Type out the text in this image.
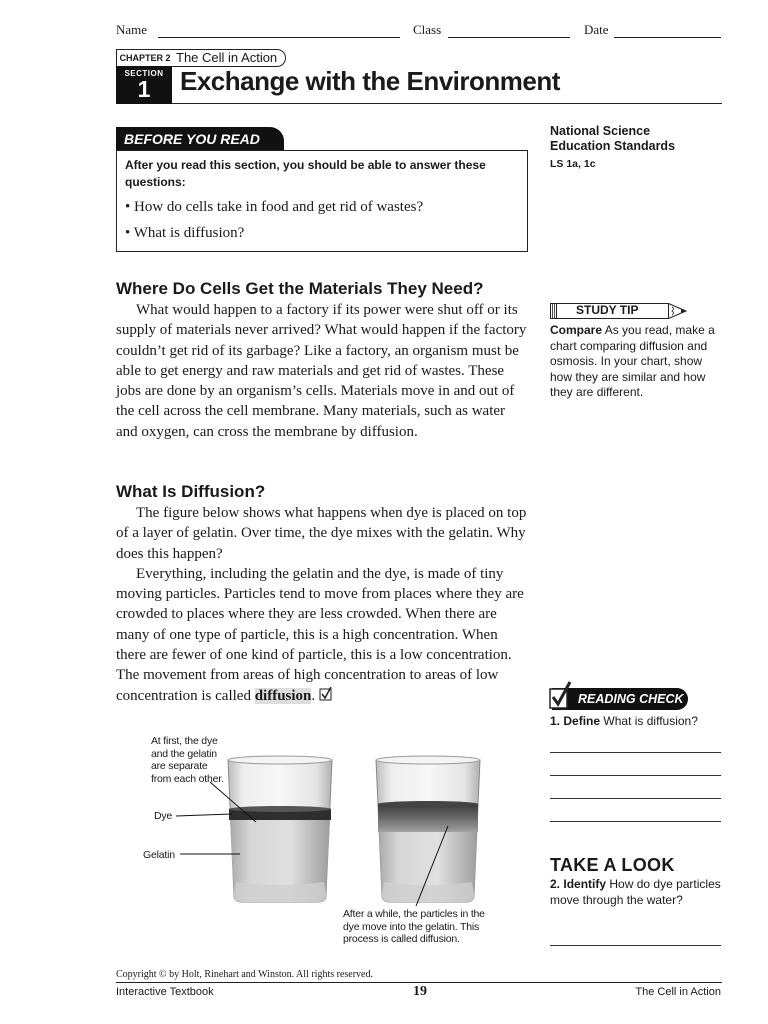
Name	Class	Date
CHAPTER 2 The Cell in Action
SECTION
1	Exchange with the Environment
BEFORE YOU READ
After you read this section, you should be able to answer these questions:
• How do cells take in food and get rid of wastes?
• What is diffusion?
National Science
Education Standards
LS 1a, 1c
Where Do Cells Get the Materials They Need?

What would happen to a factory if its power were shut off or its supply of materials never arrived? What would happen if the factory couldn’t get rid of its garbage? Like a factory, an organism must be able to get energy and raw materials and get rid of wastes. These jobs are done by an organism’s cells. Materials move in and out of the cell across the cell membrane. Many materials, such as water and oxygen, can cross the membrane by diffusion.

STUDY TIP
Compare As you read, make a chart comparing diffusion and osmosis. In your chart, show how they are similar and how they are different.
What Is Diffusion?

The figure below shows what happens when dye is placed on top of a layer of gelatin. Over time, the dye mixes with the gelatin. Why does this happen?

Everything, including the gelatin and the dye, is made of tiny moving particles. Particles tend to move from places where they are crowded to places where they are less crowded. When there are many of one type of particle, this is a high concentration. When there are fewer of one kind of particle, this is a low concentration. The movement from areas of high concentration to areas of low concentration is called diffusion.	READING CHECK
1. Define What is diffusion?
TAKE A LOOK
2. Identify How do dye particles move through the water?
At first, the dye and the gelatin are separate from each other.
Dye
Gelatin
After a while, the particles in the dye move into the gelatin. This process is called diffusion.
Copyright © by Holt, Rinehart and Winston. All rights reserved.
Interactive Textbook	19	The Cell in Action
